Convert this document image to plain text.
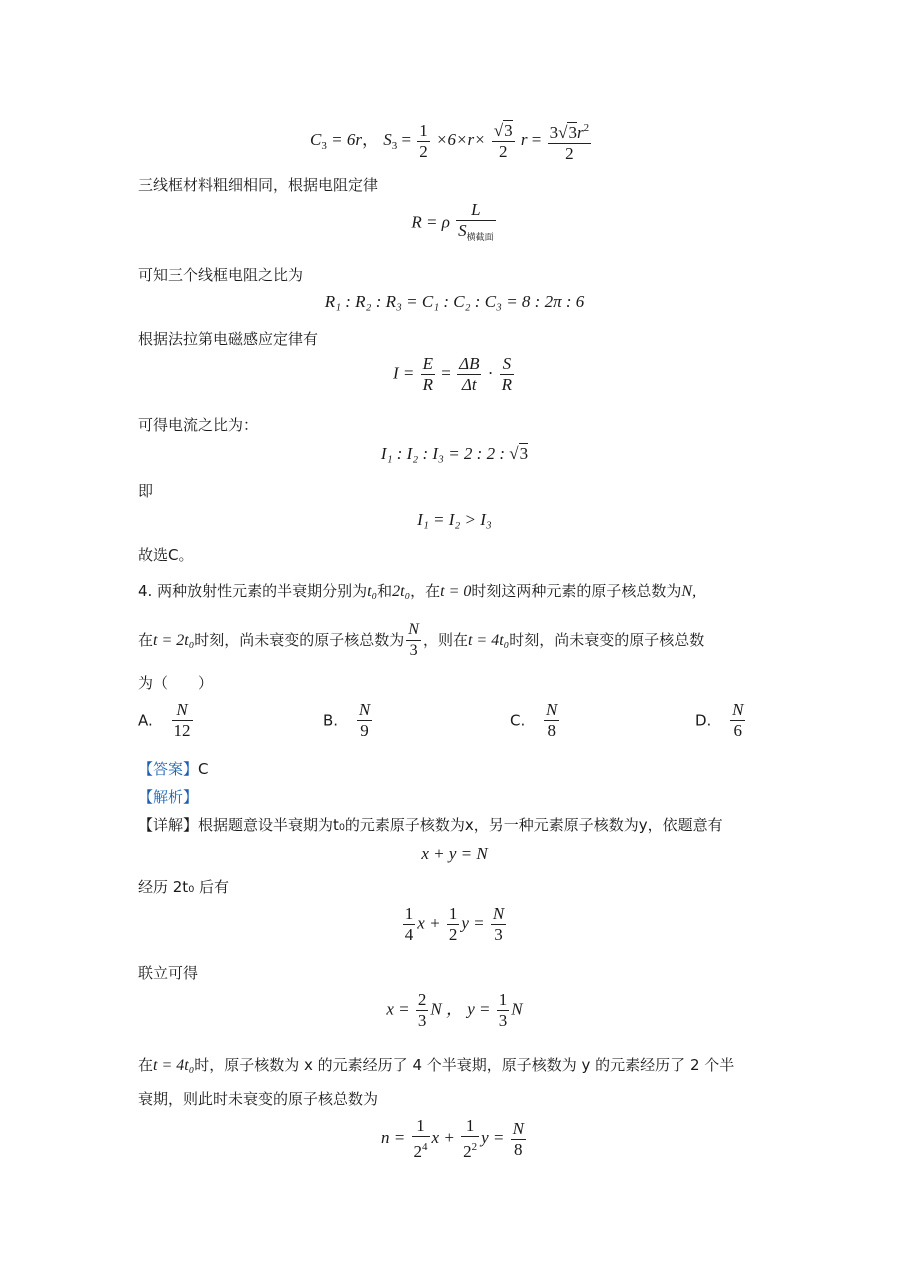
$C_3 = 6r$， $S_3 = \frac{1}{2} \times 6\times r\times \frac{√3}{2}$ $r = \frac{3√3r^2}{2}$
三线框材料粗细相同，根据电阻定律
R = ρ $\frac{L}{S_{横截面}}$
可知三个线框电阻之比为
R₁ : R₂ : R₃ = C₁ : C₂ : C₃ = 8 : 2π : 6
根据法拉第电磁感应定律有
$I = \frac{E}{R} = \frac{\Delta B}{\Delta t} \cdot \frac{S}{R}$
可得电流之比为：
I₁ : I₂ : I₃ = 2 : 2 : √3
即
I₁ = I₂ > I₃
故选C。
4. 两种放射性元素的半衰期分别为t₀和2t₀，在t = 0时刻这两种元素的原子核总数为N,
在t = 2t₀时刻，尚未衰变的原子核总数为 $\frac{N}{3}$ ，则在t = 4t₀时刻，尚未衰变的原子核总数
为（　　）
A. $\frac{N}{12}$	B. $\frac{N}{9}$	C. $\frac{N}{8}$	D. $\frac{N}{6}$
【答案】C
【解析】
【详解】根据题意设半衰期为t₀的元素原子核数为x，另一种元素原子核数为y，依题意有
x + y = N
经历 2t₀ 后有
$\frac{1}{4}$ $x + \frac{1}{2}$ $y = \frac{N}{3}$
联立可得
$x = \frac{2}{3}$ N ， $y = \frac{1}{3}$ N
在t = 4t₀时，原子核数为 x 的元素经历了 4 个半衰期，原子核数为 y 的元素经历了 2 个半
衰期，则此时未衰变的原子核总数为
$n = \frac{1}{2^4}$ $x + \frac{1}{2^2}$ $y = \frac{N}{8}$
